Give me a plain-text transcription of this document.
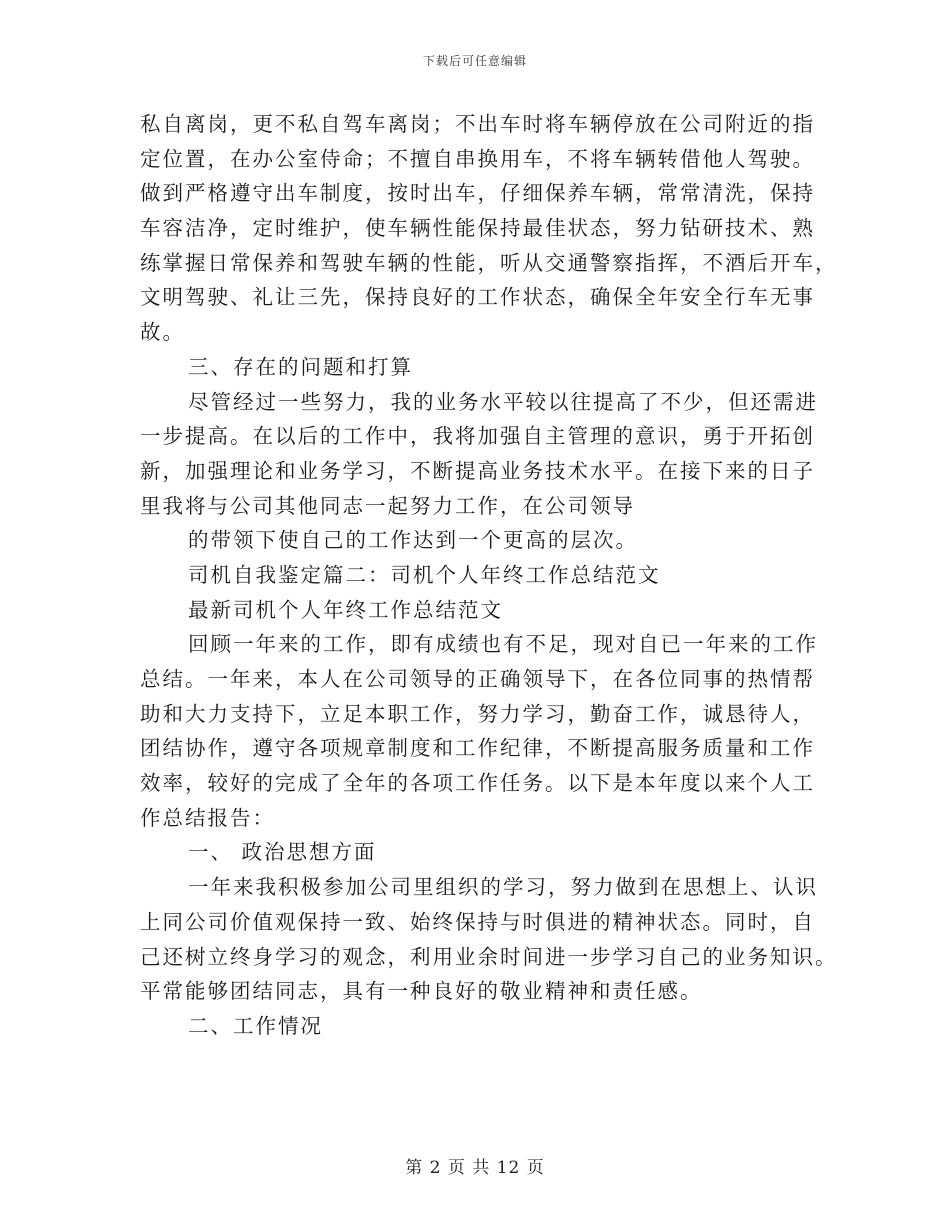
下载后可任意编辑
私自离岗，更不私自驾车离岗；不出车时将车辆停放在公司附近的指
定位置，在办公室侍命；不擅自串换用车，不将车辆转借他人驾驶。
做到严格遵守出车制度，按时出车，仔细保养车辆，常常清洗，保持
车容洁净，定时维护，使车辆性能保持最佳状态，努力钻研技术、熟
练掌握日常保养和驾驶车辆的性能，听从交通警察指挥，不酒后开车，
文明驾驶、礼让三先，保持良好的工作状态，确保全年安全行车无事
故。
三、存在的问题和打算
尽管经过一些努力，我的业务水平较以往提高了不少，但还需进
一步提高。在以后的工作中，我将加强自主管理的意识，勇于开拓创
新，加强理论和业务学习，不断提高业务技术水平。在接下来的日子
里我将与公司其他同志一起努力工作，在公司领导
的带领下使自己的工作达到一个更高的层次。
司机自我鉴定篇二：司机个人年终工作总结范文
最新司机个人年终工作总结范文
回顾一年来的工作，即有成绩也有不足，现对自已一年来的工作
总结。一年来，本人在公司领导的正确领导下，在各位同事的热情帮
助和大力支持下，立足本职工作，努力学习，勤奋工作，诚恳待人，
团结协作，遵守各项规章制度和工作纪律，不断提高服务质量和工作
效率，较好的完成了全年的各项工作任务。以下是本年度以来个人工
作总结报告：
一、 政治思想方面
一年来我积极参加公司里组织的学习，努力做到在思想上、认识
上同公司价值观保持一致、始终保持与时俱进的精神状态。同时，自
己还树立终身学习的观念，利用业余时间进一步学习自己的业务知识。
平常能够团结同志，具有一种良好的敬业精神和责任感。
二、工作情况
第 2 页 共 12 页
